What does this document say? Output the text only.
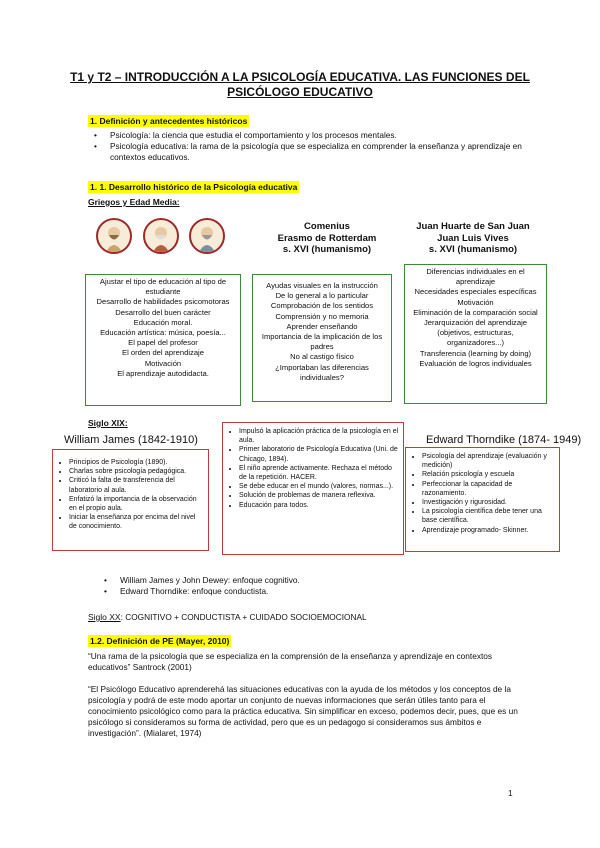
T1 y T2 – INTRODUCCIÓN A LA PSICOLOGÍA EDUCATIVA. LAS FUNCIONES DEL PSICÓLOGO EDUCATIVO
1. Definición y antecedentes históricos
• Psicología: la ciencia que estudia el comportamiento y los procesos mentales.
• Psicología educativa: la rama de la psicología que se especializa en comprender la enseñanza y aprendizaje en contextos educativos.
1. 1. Desarrollo histórico de la Psicología educativa
Griegos y Edad Media:
Comenius
Erasmo de Rotterdam
s. XVI (humanismo)
Juan Huarte de San Juan
Juan Luis Vives
s. XVI (humanismo)
Ajustar el tipo de educación al tipo de estudiante
Desarrollo de habilidades psicomotoras
Desarrollo del buen carácter
Educación moral.
Educación artística: música, poesía...
El papel del profesor
El orden del aprendizaje
Motivación
El aprendizaje autodidacta.
Ayudas visuales en la instrucción
De lo general a lo particular
Comprobación de los sentidos
Comprensión y no memoria
Aprender enseñando
Importancia de la implicación de los padres
No al castigo físico
¿Importaban las diferencias individuales?
Diferencias individuales en el aprendizaje
Necesidades especiales específicas
Motivación
Eliminación de la comparación social
Jerarquización del aprendizaje (objetivos, estructuras, organizadores...)
Transferencia (learning by doing)
Evaluación de logros individuales
Siglo XIX:
William James (1842-1910)	Edward Thorndike (1874- 1949)
• Principios de Psicología (1890).
• Charlas sobre psicología pedagógica.
• Criticó la falta de transferencia del laboratorio al aula.
• Enfatizó la importancia de la observación en el propio aula.
• Iniciar la enseñanza por encima del nivel de conocimiento.
• Impulsó la aplicación práctica de la psicología en el aula.
• Primer laboratorio de Psicología Educativa (Uni. de Chicago, 1894).
• El niño aprende activamente. Rechaza el método de la repetición. HACER.
• Se debe educar en el mundo (valores, normas...).
• Solución de problemas de manera reflexiva.
• Educación para todos.
• Psicología del aprendizaje (evaluación y medición)
• Relación psicología y escuela
• Perfeccionar la capacidad de razonamiento.
• Investigación y rigurosidad.
• La psicología científica debe tener una base científica.
• Aprendizaje programado- Skinner.
• William James y John Dewey: enfoque cognitivo.
• Edward Thorndike: enfoque conductista.
Siglo XX: COGNITIVO + CONDUCTISTA + CUIDADO SOCIOEMOCIONAL
1.2. Definición de PE (Mayer, 2010)
“Una rama de la psicología que se especializa en la comprensión de la enseñanza y aprendizaje en contextos educativos” Santrock (2001)
“El Psicólogo Educativo aprenderehá las situaciones educativas con la ayuda de los métodos y los conceptos de la psicología y podrá de este modo aportar un conjunto de nuevas informaciones que serán útiles tanto para el conocimiento psicológico como para la práctica educativa. Sin simplificar en exceso, podemos decir, pues, que es un psicólogo si consideramos su forma de actividad, pero que es un pedagogo si consideramos sus ámbitos e investigación”. (Mialaret, 1974)
1
